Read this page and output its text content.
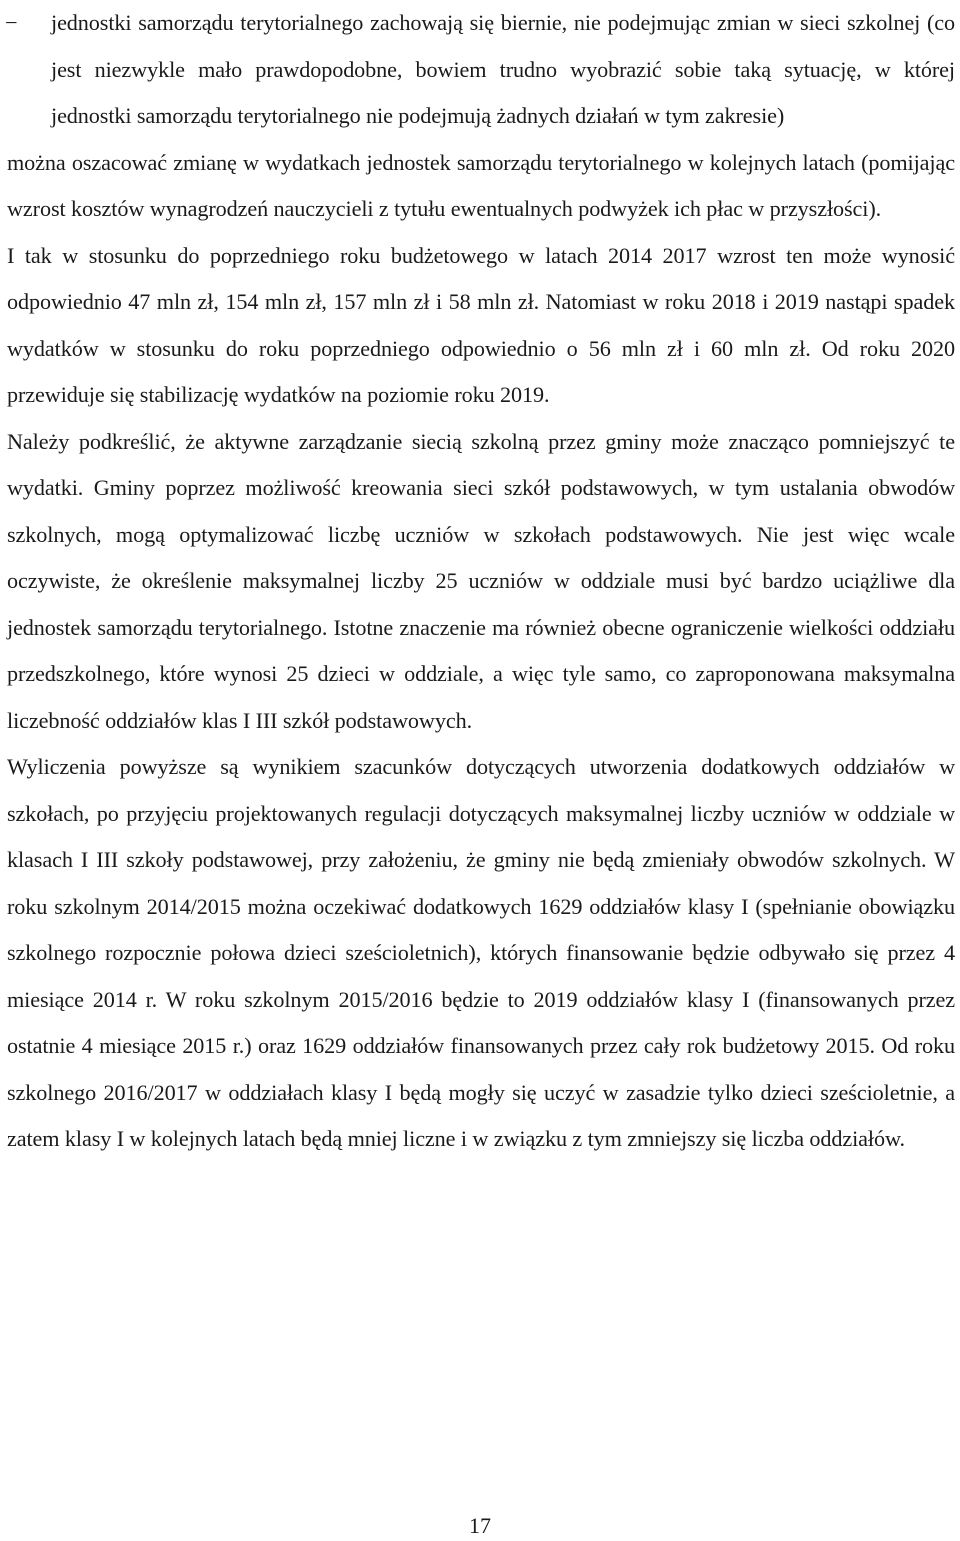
− jednostki samorządu terytorialnego zachowają się biernie, nie podejmując zmian w sieci szkolnej (co jest niezwykle mało prawdopodobne, bowiem trudno wyobrazić sobie taką sytuację, w której jednostki samorządu terytorialnego nie podejmują żadnych działań w tym zakresie)

można oszacować zmianę w wydatkach jednostek samorządu terytorialnego w kolejnych latach (pomijając wzrost kosztów wynagrodzeń nauczycieli z tytułu ewentualnych podwyżek ich płac w przyszłości).

I tak w stosunku do poprzedniego roku budżetowego w latach 2014 2017 wzrost ten może wynosić odpowiednio 47 mln zł, 154 mln zł, 157 mln zł i 58 mln zł. Natomiast w roku 2018 i 2019 nastąpi spadek wydatków w stosunku do roku poprzedniego odpowiednio o 56 mln zł i 60 mln zł. Od roku 2020 przewiduje się stabilizację wydatków na poziomie roku 2019.

Należy podkreślić, że aktywne zarządzanie siecią szkolną przez gminy może znacząco pomniejszyć te wydatki. Gminy poprzez możliwość kreowania sieci szkół podstawowych, w tym ustalania obwodów szkolnych, mogą optymalizować liczbę uczniów w szkołach podstawowych. Nie jest więc wcale oczywiste, że określenie maksymalnej liczby 25 uczniów w oddziale musi być bardzo uciążliwe dla jednostek samorządu terytorialnego. Istotne znaczenie ma również obecne ograniczenie wielkości oddziału przedszkolnego, które wynosi 25 dzieci w oddziale, a więc tyle samo, co zaproponowana maksymalna liczebność oddziałów klas I III szkół podstawowych.

Wyliczenia powyższe są wynikiem szacunków dotyczących utworzenia dodatkowych oddziałów w szkołach, po przyjęciu projektowanych regulacji dotyczących maksymalnej liczby uczniów w oddziale w klasach I III szkoły podstawowej, przy założeniu, że gminy nie będą zmieniały obwodów szkolnych. W roku szkolnym 2014/2015 można oczekiwać dodatkowych 1629 oddziałów klasy I (spełnianie obowiązku szkolnego rozpocznie połowa dzieci sześcioletnich), których finansowanie będzie odbywało się przez 4 miesiące 2014 r. W roku szkolnym 2015/2016 będzie to 2019 oddziałów klasy I (finansowanych przez ostatnie 4 miesiące 2015 r.) oraz 1629 oddziałów finansowanych przez cały rok budżetowy 2015. Od roku szkolnego 2016/2017 w oddziałach klasy I będą mogły się uczyć w zasadzie tylko dzieci sześcioletnie, a zatem klasy I w kolejnych latach będą mniej liczne i w związku z tym zmniejszy się liczba oddziałów.

17
